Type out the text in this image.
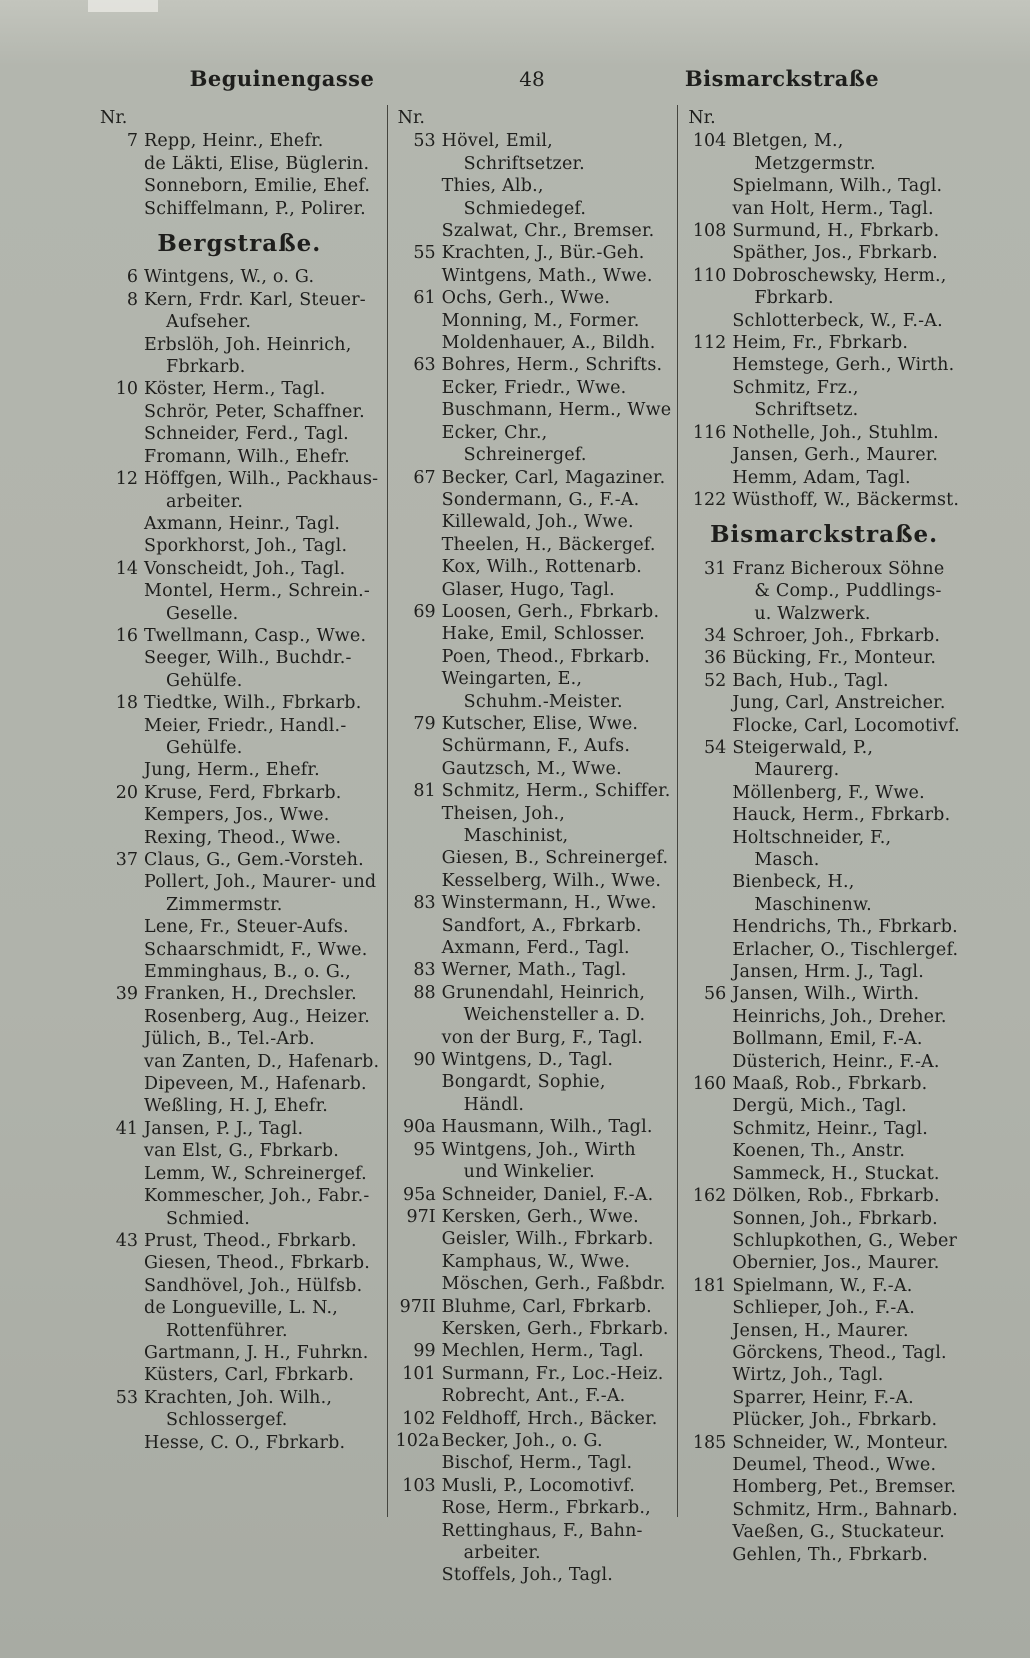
Beguinengasse	48	Bismarckstraße
Nr.
7 Repp, Heinr., Ehefr.
de Läkti, Elise, Büglerin.
Sonneborn, Emilie, Ehef.
Schiffelmann, P., Polirer.
Bergstraße.
6 Wintgens, W., o. G.
8 Kern, Frdr. Karl, Steuer-Aufseher.
Erbslöh, Joh. Heinrich, Fbrkarb.
10 Köster, Herm., Tagl.
Schrör, Peter, Schaffner.
Schneider, Ferd., Tagl.
Fromann, Wilh., Ehefr.
12 Höffgen, Wilh., Packhaus-arbeiter.
Axmann, Heinr., Tagl.
Sporkhorst, Joh., Tagl.
14 Vonscheidt, Joh., Tagl.
Montel, Herm., Schrein.-Geselle.
16 Twellmann, Casp., Wwe.
Seeger, Wilh., Buchdr.-Gehülfe.
18 Tiedtke, Wilh., Fbrkarb.
Meier, Friedr., Handl.-Gehülfe.
Jung, Herm., Ehefr.
20 Kruse, Ferd, Fbrkarb.
Kempers, Jos., Wwe.
Rexing, Theod., Wwe.
37 Claus, G., Gem.-Vorsteh.
Pollert, Joh., Maurer- und Zimmermstr.
Lene, Fr., Steuer-Aufs.
Schaarschmidt, F., Wwe.
Emminghaus, B., o. G.,
39 Franken, H., Drechsler.
Rosenberg, Aug., Heizer.
Jülich, B., Tel.-Arb.
van Zanten, D., Hafenarb.
Dipeveen, M., Hafenarb.
Weßling, H. J, Ehefr.
41 Jansen, P. J., Tagl.
van Elst, G., Fbrkarb.
Lemm, W., Schreinergef.
Kommescher, Joh., Fabr.-Schmied.
43 Prust, Theod., Fbrkarb.
Giesen, Theod., Fbrkarb.
Sandhövel, Joh., Hülfsb.
de Longueville, L. N., Rottenführer.
Gartmann, J. H., Fuhrkn.
Küsters, Carl, Fbrkarb.
53 Krachten, Joh. Wilh., Schlossergef.
Hesse, C. O., Fbrkarb.
Nr.
53 Hövel, Emil, Schriftsetzer.
Thies, Alb., Schmiedegef.
Szalwat, Chr., Bremser.
55 Krachten, J., Bür.-Geh.
Wintgens, Math., Wwe.
61 Ochs, Gerh., Wwe.
Monning, M., Former.
Moldenhauer, A., Bildh.
63 Bohres, Herm., Schrifts.
Ecker, Friedr., Wwe.
Buschmann, Herm., Wwe
Ecker, Chr., Schreinergef.
67 Becker, Carl, Magaziner.
Sondermann, G., F.-A.
Killewald, Joh., Wwe.
Theelen, H., Bäckergef.
Kox, Wilh., Rottenarb.
Glaser, Hugo, Tagl.
69 Loosen, Gerh., Fbrkarb.
Hake, Emil, Schlosser.
Poen, Theod., Fbrkarb.
Weingarten, E., Schuhm.-Meister.
79 Kutscher, Elise, Wwe.
Schürmann, F., Aufs.
Gautzsch, M., Wwe.
81 Schmitz, Herm., Schiffer.
Theisen, Joh., Maschinist,
Giesen, B., Schreinergef.
Kesselberg, Wilh., Wwe.
83 Winstermann, H., Wwe.
Sandfort, A., Fbrkarb.
Axmann, Ferd., Tagl.
83 Werner, Math., Tagl.
88 Grunendahl, Heinrich, Weichensteller a. D.
von der Burg, F., Tagl.
90 Wintgens, D., Tagl.
Bongardt, Sophie, Händl.
90a Hausmann, Wilh., Tagl.
95 Wintgens, Joh., Wirth und Winkelier.
95a Schneider, Daniel, F.-A.
97I Kersken, Gerh., Wwe.
Geisler, Wilh., Fbrkarb.
Kamphaus, W., Wwe.
Möschen, Gerh., Faßbdr.
97II Bluhme, Carl, Fbrkarb.
Kersken, Gerh., Fbrkarb.
99 Mechlen, Herm., Tagl.
101 Surmann, Fr., Loc.-Heiz.
Robrecht, Ant., F.-A.
102 Feldhoff, Hrch., Bäcker.
102a Becker, Joh., o. G.
Bischof, Herm., Tagl.
103 Musli, P., Locomotivf.
Rose, Herm., Fbrkarb.,
Rettinghaus, F., Bahn-arbeiter.
Stoffels, Joh., Tagl.
Nr.
104 Bletgen, M., Metzgermstr.
Spielmann, Wilh., Tagl.
van Holt, Herm., Tagl.
108 Surmund, H., Fbrkarb.
Späther, Jos., Fbrkarb.
110 Dobroschewsky, Herm., Fbrkarb.
Schlotterbeck, W., F.-A.
112 Heim, Fr., Fbrkarb.
Hemstege, Gerh., Wirth.
Schmitz, Frz., Schriftsetz.
116 Nothelle, Joh., Stuhlm.
Jansen, Gerh., Maurer.
Hemm, Adam, Tagl.
122 Wüsthoff, W., Bäckermst.
Bismarckstraße.
31 Franz Bicheroux Söhne & Comp., Puddlings- u. Walzwerk.
34 Schroer, Joh., Fbrkarb.
36 Bücking, Fr., Monteur.
52 Bach, Hub., Tagl.
Jung, Carl, Anstreicher.
Flocke, Carl, Locomotivf.
54 Steigerwald, P., Maurerg.
Möllenberg, F., Wwe.
Hauck, Herm., Fbrkarb.
Holtschneider, F., Masch.
Bienbeck, H., Maschinenw.
Hendrichs, Th., Fbrkarb.
Erlacher, O., Tischlergef.
Jansen, Hrm. J., Tagl.
56 Jansen, Wilh., Wirth.
Heinrichs, Joh., Dreher.
Bollmann, Emil, F.-A.
Düsterich, Heinr., F.-A.
160 Maaß, Rob., Fbrkarb.
Dergü, Mich., Tagl.
Schmitz, Heinr., Tagl.
Koenen, Th., Anstr.
Sammeck, H., Stuckat.
162 Dölken, Rob., Fbrkarb.
Sonnen, Joh., Fbrkarb.
Schlupkothen, G., Weber
Obernier, Jos., Maurer.
181 Spielmann, W., F.-A.
Schlieper, Joh., F.-A.
Jensen, H., Maurer.
Görckens, Theod., Tagl.
Wirtz, Joh., Tagl.
Sparrer, Heinr, F.-A.
Plücker, Joh., Fbrkarb.
185 Schneider, W., Monteur.
Deumel, Theod., Wwe.
Homberg, Pet., Bremser.
Schmitz, Hrm., Bahnarb.
Vaeßen, G., Stuckateur.
Gehlen, Th., Fbrkarb.
